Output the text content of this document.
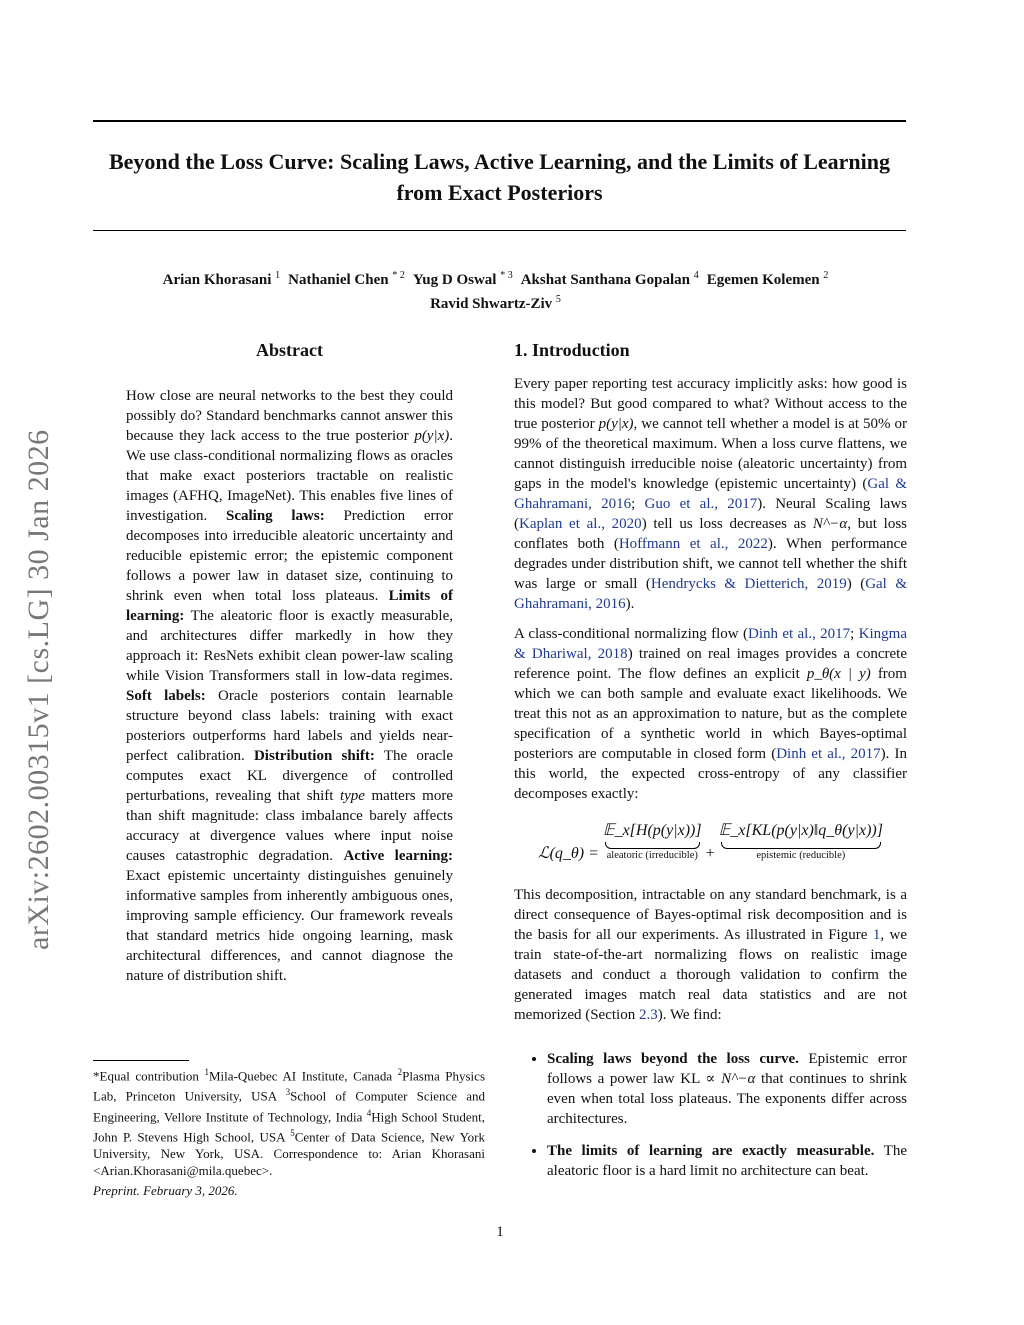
arXiv:2602.00315v1 [cs.LG] 30 Jan 2026
Beyond the Loss Curve: Scaling Laws, Active Learning, and the Limits of Learning from Exact Posteriors
Arian Khorasani $^1$ Nathaniel Chen $^{* 2}$ Yug D Oswal $^{* 3}$ Akshat Santhana Gopalan $^4$ Egemen Kolemen $^2$
Ravid Shwartz-Ziv $^5$
Abstract

How close are neural networks to the best they could possibly do? Standard benchmarks cannot answer this because they lack access to the true posterior p(y|x). We use class-conditional normalizing flows as oracles that make exact posteriors tractable on realistic images (AFHQ, ImageNet). This enables five lines of investigation. Scaling laws: Prediction error decomposes into irreducible aleatoric uncertainty and reducible epistemic error; the epistemic component follows a power law in dataset size, continuing to shrink even when total loss plateaus. Limits of learning: The aleatoric floor is exactly measurable, and architectures differ markedly in how they approach it: ResNets exhibit clean power-law scaling while Vision Transformers stall in low-data regimes. Soft labels: Oracle posteriors contain learnable structure beyond class labels: training with exact posteriors outperforms hard labels and yields near-perfect calibration. Distribution shift: The oracle computes exact KL divergence of controlled perturbations, revealing that shift type matters more than shift magnitude: class imbalance barely affects accuracy at divergence values where input noise causes catastrophic degradation. Active learning: Exact epistemic uncertainty distinguishes genuinely informative samples from inherently ambiguous ones, improving sample efficiency. Our framework reveals that standard metrics hide ongoing learning, mask architectural differences, and cannot diagnose the nature of distribution shift.

1. Introduction

Every paper reporting test accuracy implicitly asks: how good is this model? But good compared to what? Without access to the true posterior p(y|x), we cannot tell whether a model is at 50% or 99% of the theoretical maximum. When a loss curve flattens, we cannot distinguish irreducible noise (aleatoric uncertainty) from gaps in the model's knowledge (epistemic uncertainty) (Gal & Ghahramani, 2016; Guo et al., 2017). Neural Scaling laws (Kaplan et al., 2020) tell us loss decreases as N^−α, but loss conflates both (Hoffmann et al., 2022). When performance degrades under distribution shift, we cannot tell whether the shift was large or small (Hendrycks & Dietterich, 2019) (Gal & Ghahramani, 2016).

A class-conditional normalizing flow (Dinh et al., 2017; Kingma & Dhariwal, 2018) trained on real images provides a concrete reference point. The flow defines an explicit p_θ(x | y) from which we can both sample and evaluate exact likelihoods. We treat this not as an approximation to nature, but as the complete specification of a synthetic world in which Bayes-optimal posteriors are computable in closed form (Dinh et al., 2017). In this world, the expected cross-entropy of any classifier decomposes exactly:

ℒ(q_θ) = 𝔼_x[H(p(y|x))]
aleatoric (irreducible) + 𝔼_x[KL(p(y|x)‖q_θ(y|x))]
epistemic (reducible)

This decomposition, intractable on any standard benchmark, is a direct consequence of Bayes-optimal risk decomposition and is the basis for all our experiments. As illustrated in Figure 1, we train state-of-the-art normalizing flows on realistic image datasets and conduct a thorough validation to confirm the generated images match real data statistics and are not memorized (Section 2.3). We find:

• Scaling laws beyond the loss curve. Epistemic error follows a power law KL ∝ N^−α that continues to shrink even when total loss plateaus. The exponents differ across architectures.
• The limits of learning are exactly measurable. The aleatoric floor is a hard limit no architecture can beat.
*Equal contribution $^1$Mila-Quebec AI Institute, Canada $^2$Plasma Physics Lab, Princeton University, USA $^3$School of Computer Science and Engineering, Vellore Institute of Technology, India $^4$High School Student, John P. Stevens High School, USA $^5$Center of Data Science, New York University, New York, USA. Correspondence to: Arian Khorasani <Arian.Khorasani@mila.quebec>.
Preprint. February 3, 2026.
1
